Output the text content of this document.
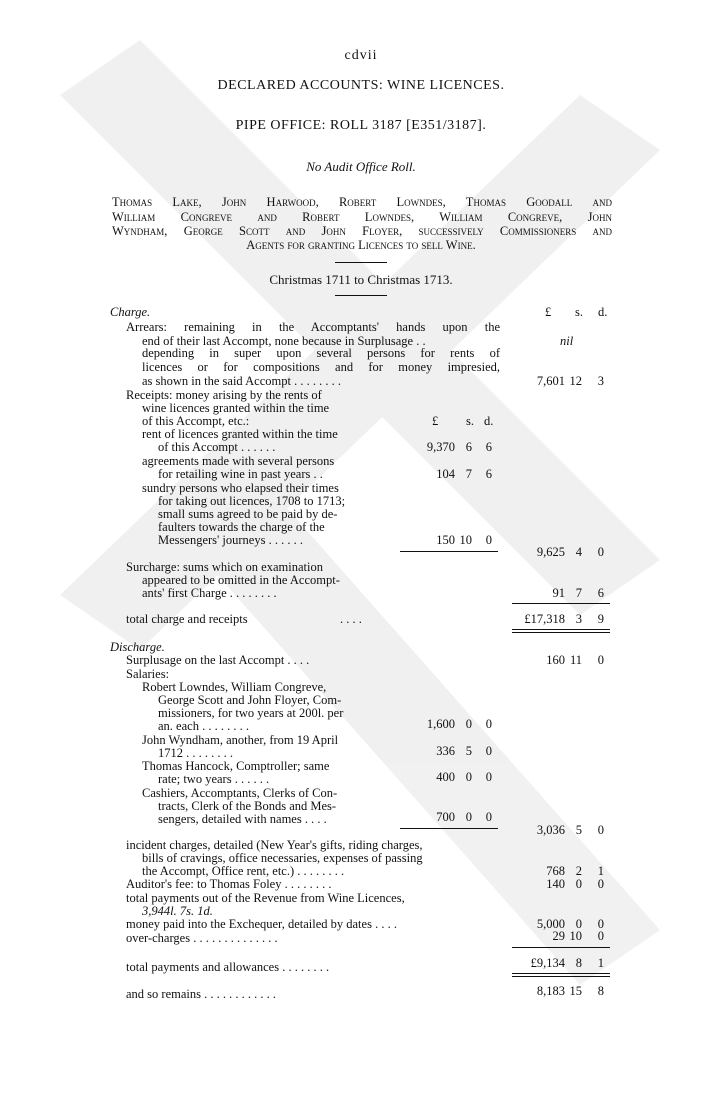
cdvii
DECLARED ACCOUNTS: WINE LICENCES.
PIPE OFFICE: ROLL 3187 [E351/3187].
No Audit Office Roll.
Thomas Lake, John Harwood, Robert Lowndes, Thomas Goodall and
William Congreve and Robert Lowndes, William Congreve, John
Wyndham, George Scott and John Floyer, successively Commissioners and
Agents for granting Licences to sell Wine.
Christmas 1711 to Christmas 1713.
Charge.	£ s. d.
Arrears: remaining in the Accomptants' hands upon the
end of their last Accompt, none because in Surplusage . .	nil
depending in super upon several persons for rents of
licences or for compositions and for money impresied,
as shown in the said Accompt . . . . . . . .	7,601 12	3
Receipts: money arising by the rents of
wine licences granted within the time
of this Accompt, etc.:	£ s. d.
rent of licences granted within the time
of this Accompt . . . . . .	9,370 6	6
agreements made with several persons
for retailing wine in past years . .	104 7	6
sundry persons who elapsed their times
for taking out licences, 1708 to 1713;
small sums agreed to be paid by de-
faulters towards the charge of the
Messengers' journeys . . . . . .	150 10	0
9,625 4	0
Surcharge: sums which on examination
appeared to be omitted in the Accompt-
ants' first Charge . . . . . . . .	91 7	6
total charge and receipts	. . . .	£17,318 3	9
Discharge.
Surplusage on the last Accompt . . . .	160 11	0
Salaries:
Robert Lowndes, William Congreve,
George Scott and John Floyer, Com-
missioners, for two years at 200l. per
an. each . . . . . . . .	1,600 0	0
John Wyndham, another, from 19 April
1712 . . . . . . . .	336 5	0
Thomas Hancock, Comptroller; same
rate; two years . . . . . .	400 0	0
Cashiers, Accomptants, Clerks of Con-
tracts, Clerk of the Bonds and Mes-
sengers, detailed with names . . . .	700 0	0
3,036 5	0
incident charges, detailed (New Year's gifts, riding charges,
bills of cravings, office necessaries, expenses of passing
the Accompt, Office rent, etc.) . . . . . . . .	768 2	1
Auditor's fee: to Thomas Foley . . . . . . . .	140 0	0
total payments out of the Revenue from Wine Licences,
3,944l. 7s. 1d.
money paid into the Exchequer, detailed by dates . . . .	5,000 0	0
over-charges . . . . . . . . . . . . . .	29 10	0
total payments and allowances . . . . . . . .	£9,134 8	1
and so remains . . . . . . . . . . . .	8,183 15	8
